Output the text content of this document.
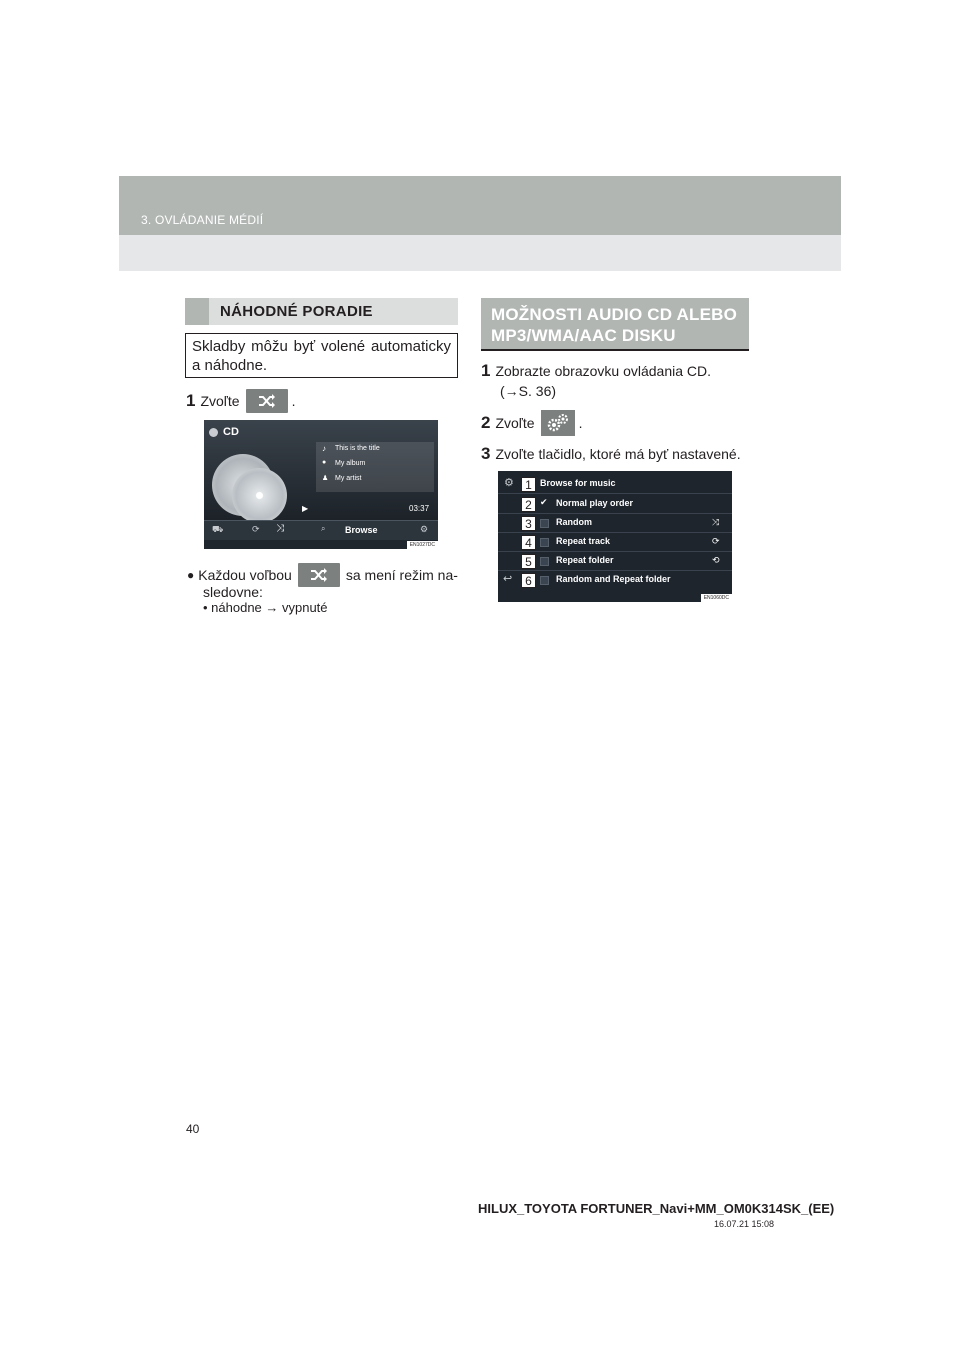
3. OVLÁDANIE MÉDIÍ
NÁHODNÉ PORADIE
Skladby môžu byť volené automaticky a náhodne.
1 Zvoľte	.
CD
♪ This is the title
● My album
♟ My artist
▶	03:37
⛟	⟳ ⤨	⌕ Browse	⚙
EN1027DC
● Každou voľbou	sa mení režim na-
sledovne:
• náhodne → vypnuté
MOŽNOSTI AUDIO CD ALEBO
MP3/WMA/AAC DISKU
1 Zobrazte obrazovku ovládania CD.
(→S. 36)
2 Zvoľte	.
3 Zvoľte tlačidlo, ktoré má byť nastavené.
⚙ 1 Browse for music
2 ✔ Normal play order
3	Random	⤨
4	Repeat track	⟳
5	Repeat folder	⟲
↩	6	Random and Repeat folder
EN1060DC
40
HILUX_TOYOTA FORTUNER_Navi+MM_OM0K314SK_(EE)
16.07.21 15:08
